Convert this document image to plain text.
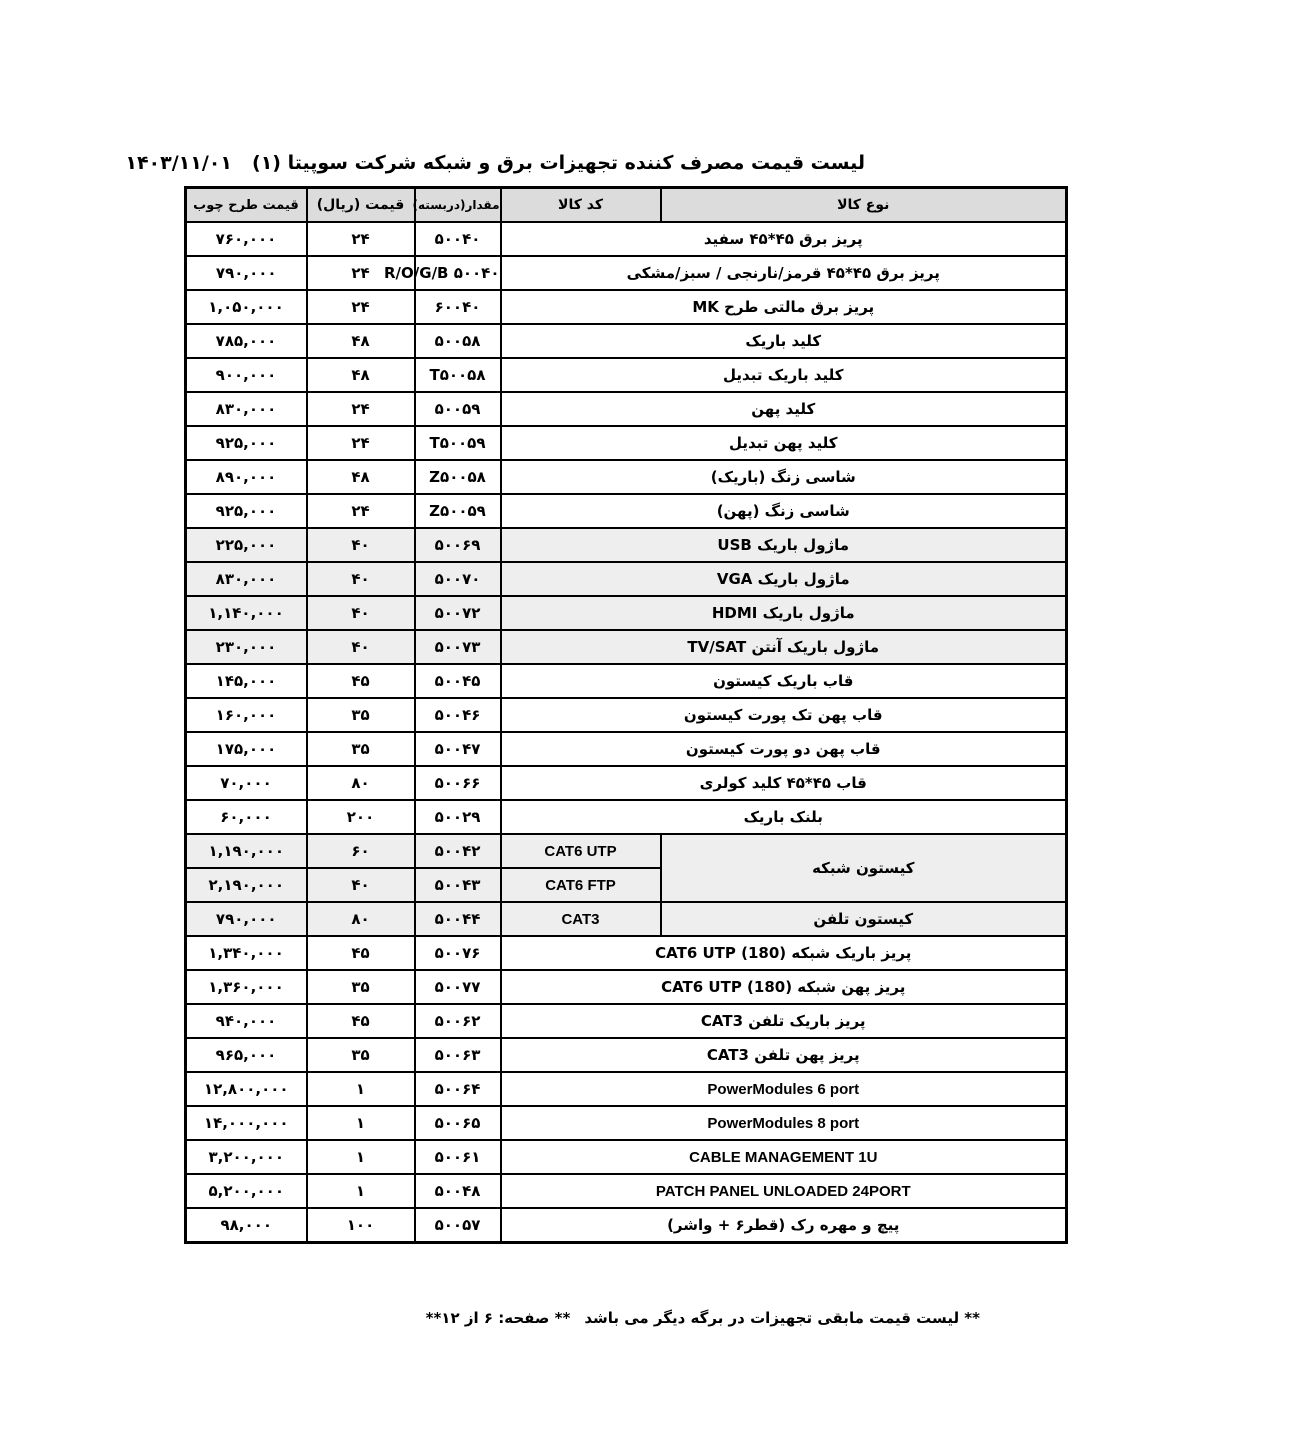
لیست قیمت مصرف کننده تجهیزات برق و شبکه شرکت سوپیتا (۱)
۱۴۰۳/۱۱/۰۱
نوع کالا	کد کالا	مقدار(دربسته)	قیمت (ریال)	قیمت طرح چوب	
پریز برق ۴۵*۴۵ سفید		۵۰۰۴۰	۲۴	۷۶۰,۰۰۰	
پریز برق ۴۵*۴۵ قرمز/نارنجی / سبز/مشکی		۵۰۰۴۰ R/O/G/B	۲۴	۷۹۰,۰۰۰	
پریز برق مالتی طرح MK		۶۰۰۴۰	۲۴	۱,۰۵۰,۰۰۰	
کلید باریک		۵۰۰۵۸	۴۸	۷۸۵,۰۰۰	
کلید باریک تبدیل		T۵۰۰۵۸	۴۸	۹۰۰,۰۰۰	
کلید پهن		۵۰۰۵۹	۲۴	۸۳۰,۰۰۰	
کلید پهن تبدیل		T۵۰۰۵۹	۲۴	۹۲۵,۰۰۰	
شاسی زنگ (باریک)		Z۵۰۰۵۸	۴۸	۸۹۰,۰۰۰	
شاسی زنگ (پهن)		Z۵۰۰۵۹	۲۴	۹۲۵,۰۰۰	
ماژول باریک USB		۵۰۰۶۹	۴۰	۲۲۵,۰۰۰	
ماژول باریک VGA		۵۰۰۷۰	۴۰	۸۳۰,۰۰۰	
ماژول باریک HDMI		۵۰۰۷۲	۴۰	۱,۱۴۰,۰۰۰	
ماژول باریک آنتن TV/SAT		۵۰۰۷۳	۴۰	۲۳۰,۰۰۰	
قاب باریک کیستون		۵۰۰۴۵	۴۵	۱۴۵,۰۰۰	
قاب پهن تک پورت کیستون		۵۰۰۴۶	۳۵	۱۶۰,۰۰۰	
قاب پهن دو پورت کیستون		۵۰۰۴۷	۳۵	۱۷۵,۰۰۰	
قاب ۴۵*۴۵ کلید کولری		۵۰۰۶۶	۸۰	۷۰,۰۰۰	
بلنک باریک		۵۰۰۲۹	۲۰۰	۶۰,۰۰۰	
کیستون شبکه	CAT6 UTP	۵۰۰۴۲	۶۰	۱,۱۹۰,۰۰۰	
	CAT6 FTP	۵۰۰۴۳	۴۰	۲,۱۹۰,۰۰۰	
کیستون تلفن	CAT3	۵۰۰۴۴	۸۰	۷۹۰,۰۰۰	
پریز باریک شبکه CAT6 UTP (180)		۵۰۰۷۶	۴۵	۱,۳۴۰,۰۰۰	
پریز پهن شبکه CAT6 UTP (180)		۵۰۰۷۷	۳۵	۱,۳۶۰,۰۰۰	
پریز باریک تلفن CAT3		۵۰۰۶۲	۴۵	۹۴۰,۰۰۰	
پریز پهن تلفن CAT3		۵۰۰۶۳	۳۵	۹۶۵,۰۰۰	
PowerModules 6 port		۵۰۰۶۴	۱	۱۲,۸۰۰,۰۰۰	
PowerModules 8 port		۵۰۰۶۵	۱	۱۴,۰۰۰,۰۰۰	
CABLE MANAGEMENT 1U		۵۰۰۶۱	۱	۳,۲۰۰,۰۰۰	
PATCH PANEL UNLOADED 24PORT		۵۰۰۴۸	۱	۵,۲۰۰,۰۰۰	
پیچ و مهره رک (قطر۶ + واشر)		۵۰۰۵۷	۱۰۰	۹۸,۰۰۰	
** لیست قیمت مابقی تجهیزات در برگه دیگر می باشد
** صفحه: ۶ از ۱۲**
